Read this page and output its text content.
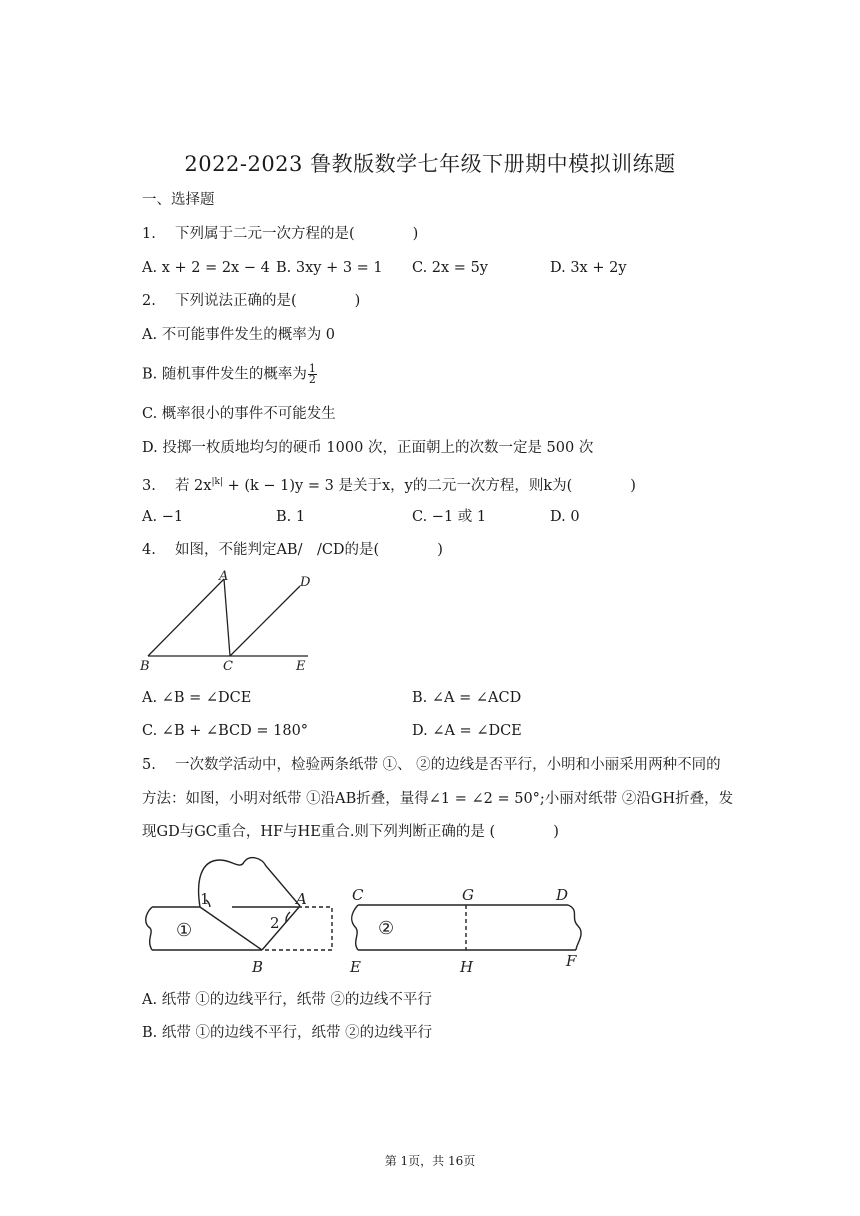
2022-2023 鲁教版数学七年级下册期中模拟训练题
一、选择题
1.　 下列属于二元一次方程的是(　　　　)
A. x + 2 = 2x − 4 B. 3xy + 3 = 1 C. 2x = 5y	D. 3x + 2y
2.　 下列说法正确的是(　　　　)
A. 不可能事件发生的概率为 0
B. 随机事件发生的概率为 $\frac{1}{2}$
C. 概率很小的事件不可能发生
D. 投掷一枚质地均匀的硬币 1000 次，正面朝上的次数一定是 500 次
3.　 若 $2x^{|k|} + (k - 1)y = 3$ 是关于x，y的二元一次方程，则k为(　　　　)
A. −1	B. 1	C. −1 或 1	D. 0
4.　 如图，不能判定AB/　/CD的是(　　　　)
A
B	C
D
E
A. ∠B = ∠DCE	B. ∠A = ∠ACD
C. ∠B + ∠BCD = 180°	D. ∠A = ∠DCE
5.　 一次数学活动中，检验两条纸带 ①、 ②的边线是否平行，小明和小丽采用两种不同的
方法：如图，小明对纸带 ①沿AB折叠，量得∠1 = ∠2 = 50°;小丽对纸带 ②沿GH折叠，发
现GD与GC重合，HF与HE重合.则下列判断正确的是 (　　　　)
1
2
①	②
A
B
C	G	D
E	H	F
A. 纸带 ①的边线平行，纸带 ②的边线不平行
B. 纸带 ①的边线不平行，纸带 ②的边线平行
第 1页，共 16页
